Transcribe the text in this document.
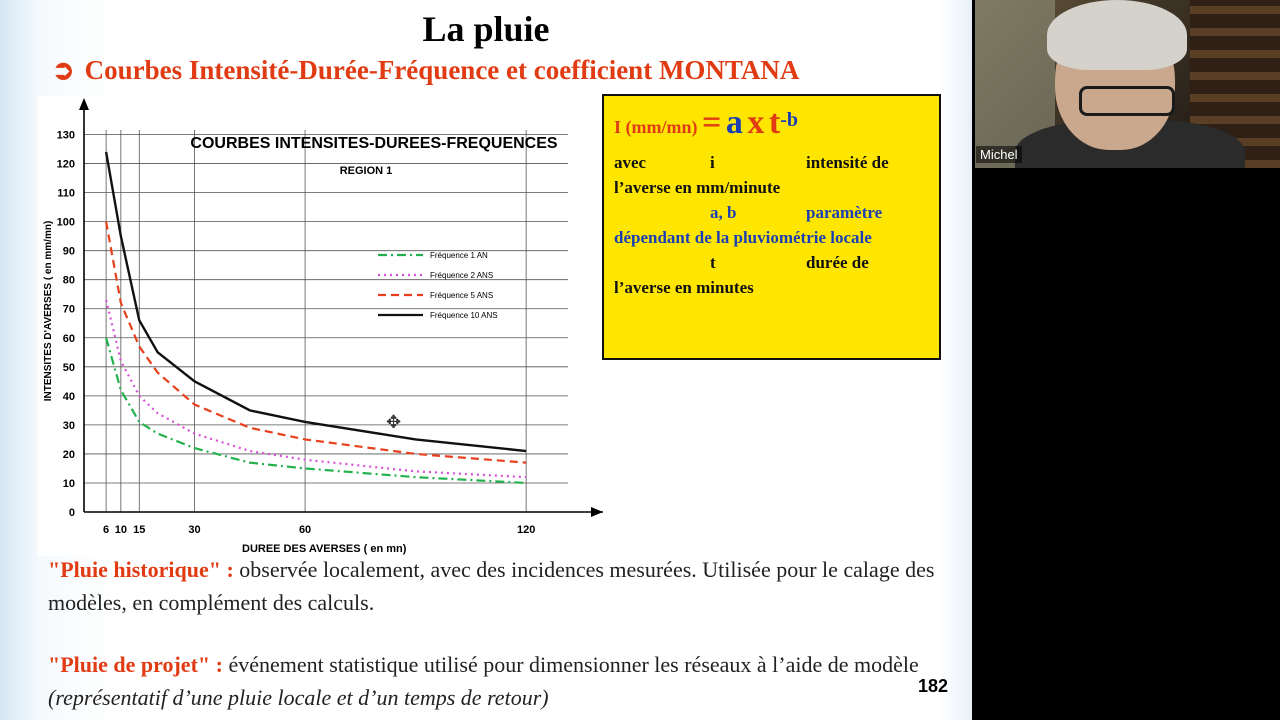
La pluie
➲ Courbes Intensité-Durée-Fréquence et coefficient MONTANA
0
10
20
30
40
50
60
70
80
90
100
110
120
130
6 10 15	30	60	120
COURBES INTENSITES-DUREES-FREQUENCES
REGION 1
DUREE DES AVERSES ( en mn)
INTENSITES D'AVERSES ( en mm/mn)	Fréquence 1 AN
Fréquence 2 ANS
Fréquence 5 ANS
Fréquence 10 ANS
I (mm/mn) = a x $t^{-b}$
avec	i	intensité de
l’averse en mm/minute
a, b	paramètre
dépendant de la pluviométrie locale
t	durée de
l’averse en minutes
"Pluie historique" : observée localement, avec des incidences mesurées. Utilisée pour le calage des modèles, en complément des calculs.
"Pluie de projet" : événement statistique utilisé pour dimensionner les réseaux à l’aide de modèle (représentatif d’une pluie locale et d’un temps de retour)	182
✥
Michel
